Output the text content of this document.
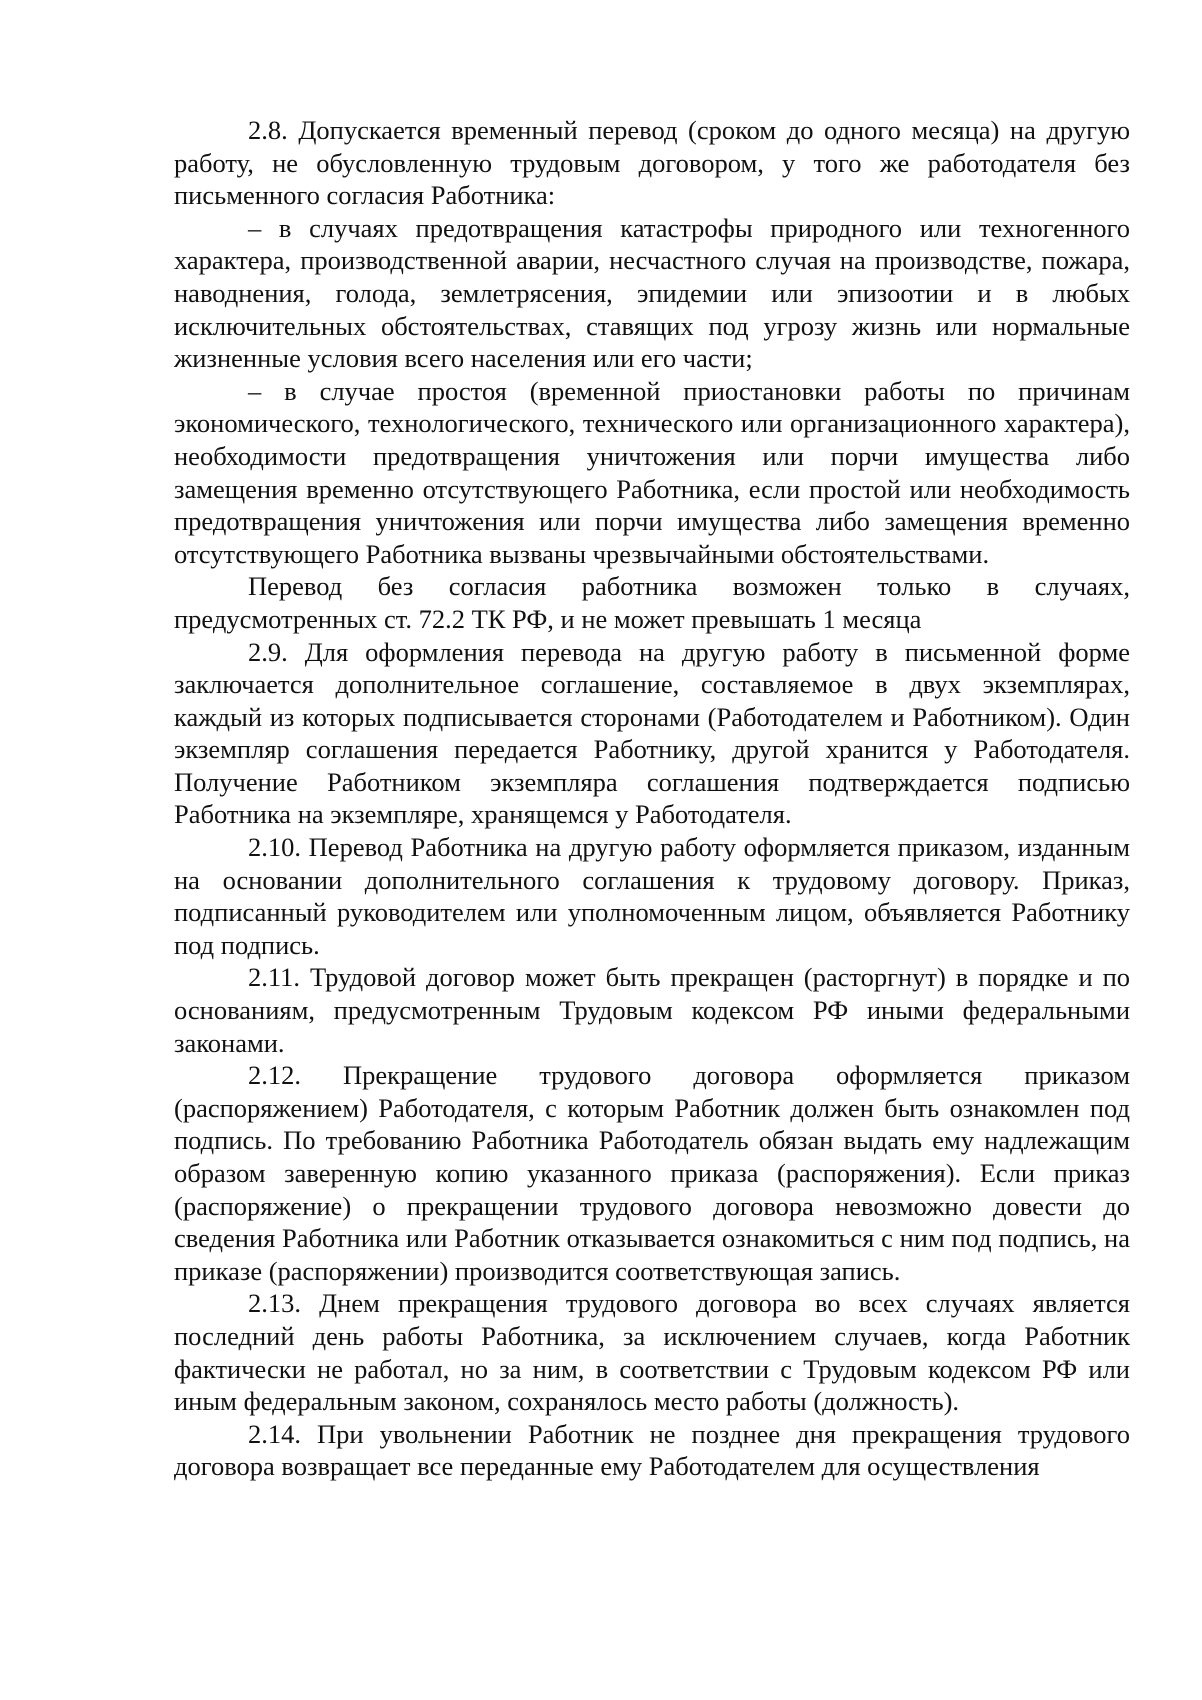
2.8. Допускается временный перевод (сроком до одного месяца) на другую работу, не обусловленную трудовым договором, у того же работодателя без письменного согласия Работника:

– в случаях предотвращения катастрофы природного или техногенного характера, производственной аварии, несчастного случая на производстве, пожара, наводнения, голода, землетрясения, эпидемии или эпизоотии и в любых исключительных обстоятельствах, ставящих под угрозу жизнь или нормальные жизненные условия всего населения или его части;

– в случае простоя (временной приостановки работы по причинам экономического, технологического, технического или организационного характера), необходимости предотвращения уничтожения или порчи имущества либо замещения временно отсутствующего Работника, если простой или необходимость предотвращения уничтожения или порчи имущества либо замещения временно отсутствующего Работника вызваны чрезвычайными обстоятельствами.

Перевод без согласия работника возможен только в случаях, предусмотренных ст. 72.2 ТК РФ, и не может превышать 1 месяца

2.9. Для оформления перевода на другую работу в письменной форме заключается дополнительное соглашение, составляемое в двух экземплярах, каждый из которых подписывается сторонами (Работодателем и Работником). Один экземпляр соглашения передается Работнику, другой хранится у Работодателя. Получение Работником экземпляра соглашения подтверждается подписью Работника на экземпляре, хранящемся у Работодателя.

2.10. Перевод Работника на другую работу оформляется приказом, изданным на основании дополнительного соглашения к трудовому договору. Приказ, подписанный руководителем или уполномоченным лицом, объявляется Работнику под подпись.

2.11. Трудовой договор может быть прекращен (расторгнут) в порядке и по основаниям, предусмотренным Трудовым кодексом РФ иными федеральными законами.

2.12. Прекращение трудового договора оформляется приказом (распоряжением) Работодателя, с которым Работник должен быть ознакомлен под подпись. По требованию Работника Работодатель обязан выдать ему надлежащим образом заверенную копию указанного приказа (распоряжения). Если приказ (распоряжение) о прекращении трудового договора невозможно довести до сведения Работника или Работник отказывается ознакомиться с ним под подпись, на приказе (распоряжении) производится соответствующая запись.

2.13. Днем прекращения трудового договора во всех случаях является последний день работы Работника, за исключением случаев, когда Работник фактически не работал, но за ним, в соответствии с Трудовым кодексом РФ или иным федеральным законом, сохранялось место работы (должность).

2.14. При увольнении Работник не позднее дня прекращения трудового договора возвращает все переданные ему Работодателем для осуществления
